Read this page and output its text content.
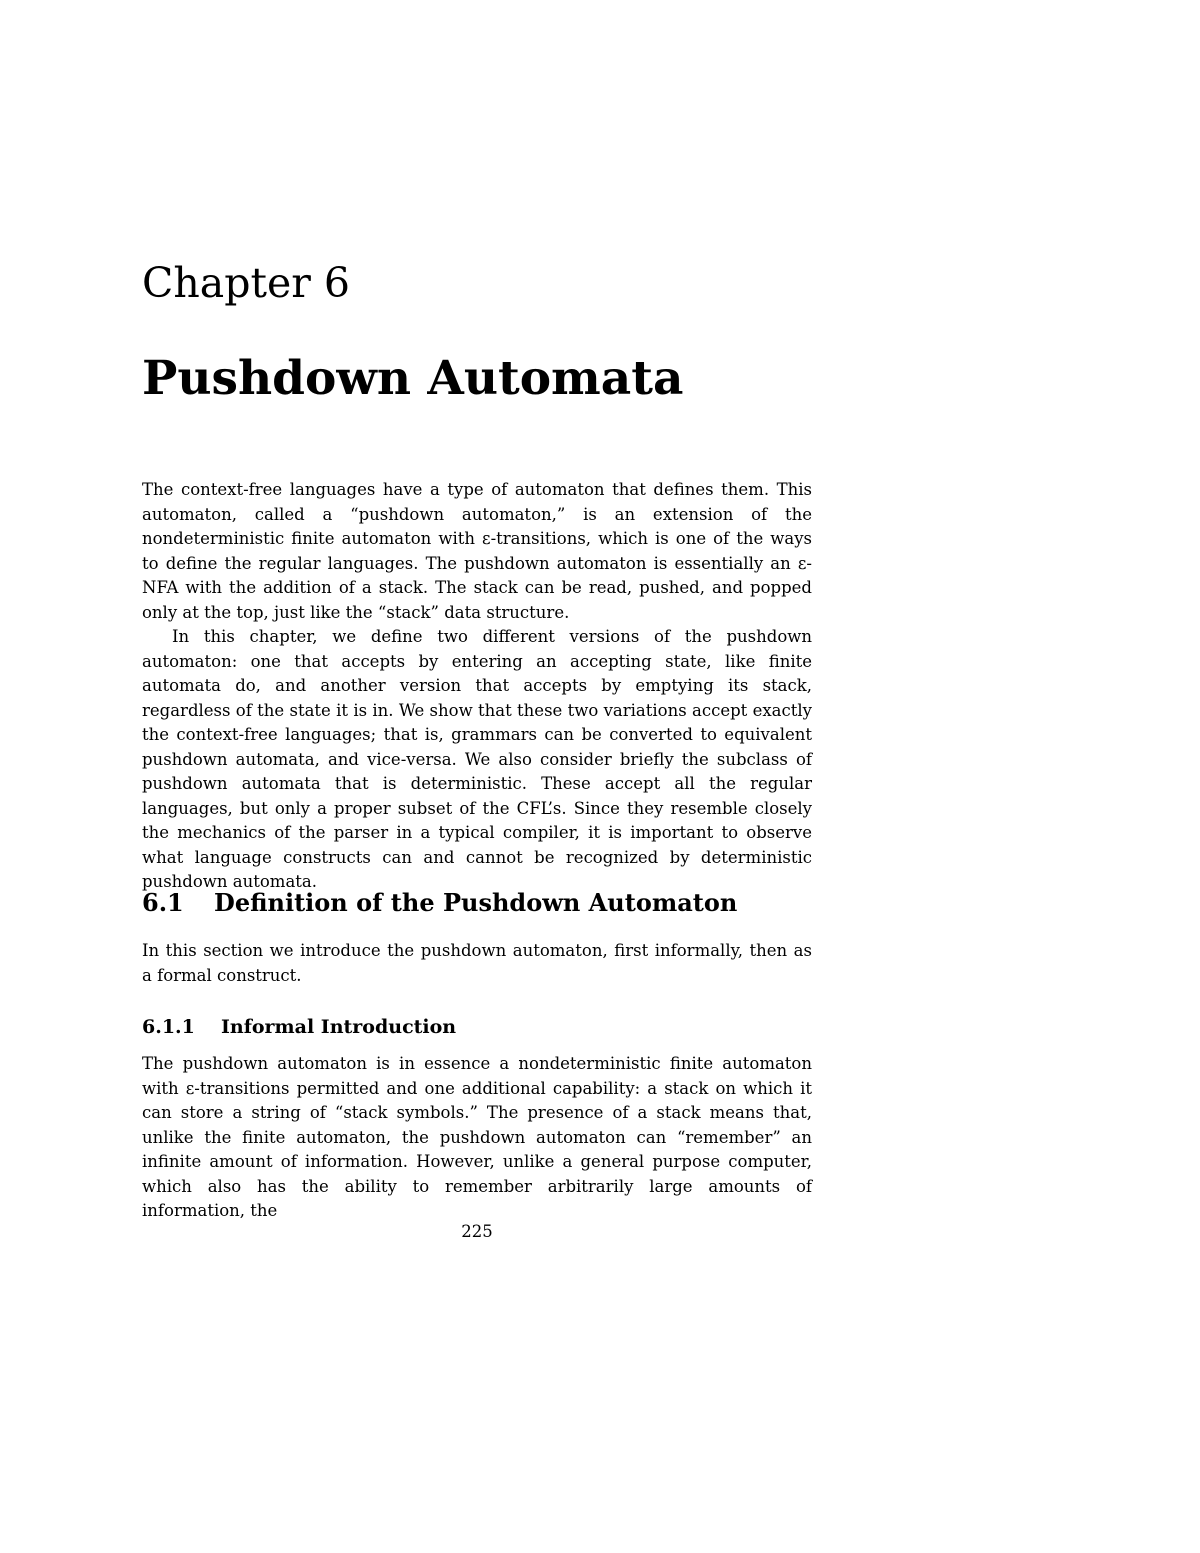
Chapter 6
Pushdown Automata

The context-free languages have a type of automaton that defines them. This automaton, called a “pushdown automaton,” is an extension of the nondeterministic finite automaton with ε-transitions, which is one of the ways to define the regular languages. The pushdown automaton is essentially an ε-NFA with the addition of a stack. The stack can be read, pushed, and popped only at the top, just like the “stack” data structure.

In this chapter, we define two different versions of the pushdown automaton: one that accepts by entering an accepting state, like finite automata do, and another version that accepts by emptying its stack, regardless of the state it is in. We show that these two variations accept exactly the context-free languages; that is, grammars can be converted to equivalent pushdown automata, and vice-versa. We also consider briefly the subclass of pushdown automata that is deterministic. These accept all the regular languages, but only a proper subset of the CFL’s. Since they resemble closely the mechanics of the parser in a typical compiler, it is important to observe what language constructs can and cannot be recognized by deterministic pushdown automata.

6.1 Definition of the Pushdown Automaton

In this section we introduce the pushdown automaton, first informally, then as a formal construct.

6.1.1 Informal Introduction

The pushdown automaton is in essence a nondeterministic finite automaton with ε-transitions permitted and one additional capability: a stack on which it can store a string of “stack symbols.” The presence of a stack means that, unlike the finite automaton, the pushdown automaton can “remember” an infinite amount of information. However, unlike a general purpose computer, which also has the ability to remember arbitrarily large amounts of information, the

225
